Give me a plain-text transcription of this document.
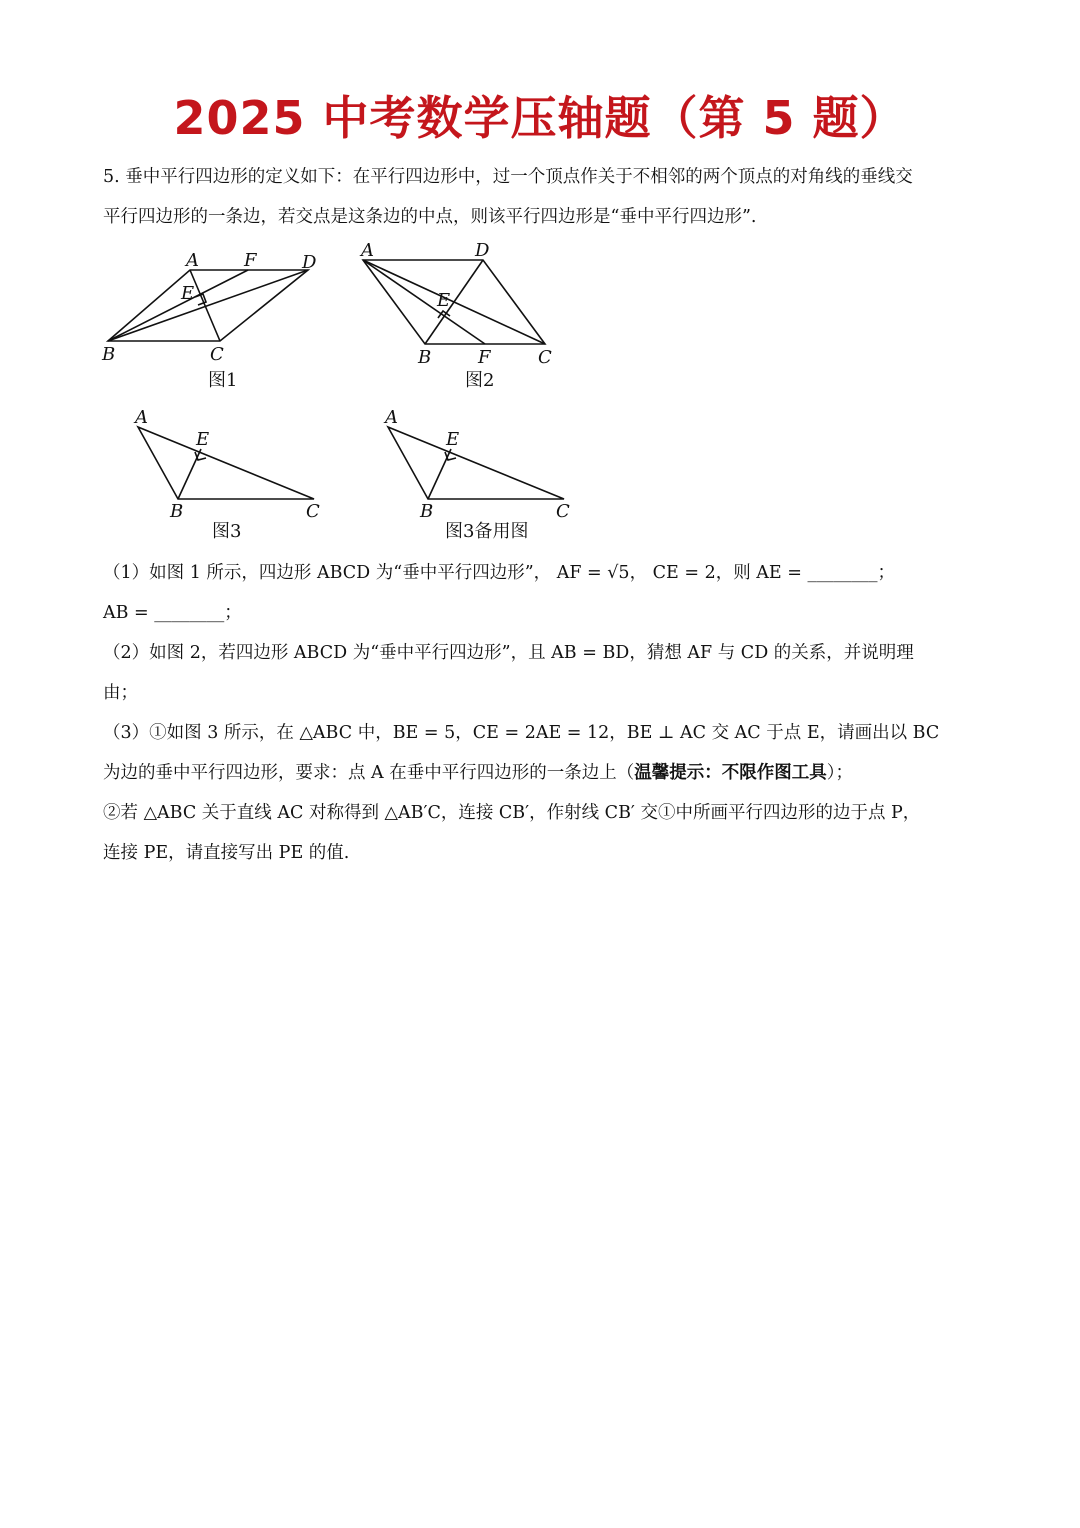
2025 中考数学压轴题（第 5 题）

5. 垂中平行四边形的定义如下：在平行四边形中，过一个顶点作关于不相邻的两个顶点的对角线的垂线交

平行四边形的一条边，若交点是这条边的中点，则该平行四边形是“垂中平行四边形”.

A	F	D
E
B	C
图1
A	D
E
B	F	C
图2
A
E
B	C
图3
A
E
B	C
图3备用图

（1）如图 1 所示，四边形 ABCD 为“垂中平行四边形”， AF = √5， CE = 2，则 AE = ________；

AB = ________；

（2）如图 2，若四边形 ABCD 为“垂中平行四边形”，且 AB = BD，猜想 AF 与 CD 的关系，并说明理

由；

（3）①如图 3 所示，在 △ABC 中，BE = 5，CE = 2AE = 12，BE ⊥ AC 交 AC 于点 E，请画出以 BC

为边的垂中平行四边形，要求：点 A 在垂中平行四边形的一条边上（温馨提示：不限作图工具）；

②若 △ABC 关于直线 AC 对称得到 △AB′C，连接 CB′，作射线 CB′ 交①中所画平行四边形的边于点 P，

连接 PE，请直接写出 PE 的值.
